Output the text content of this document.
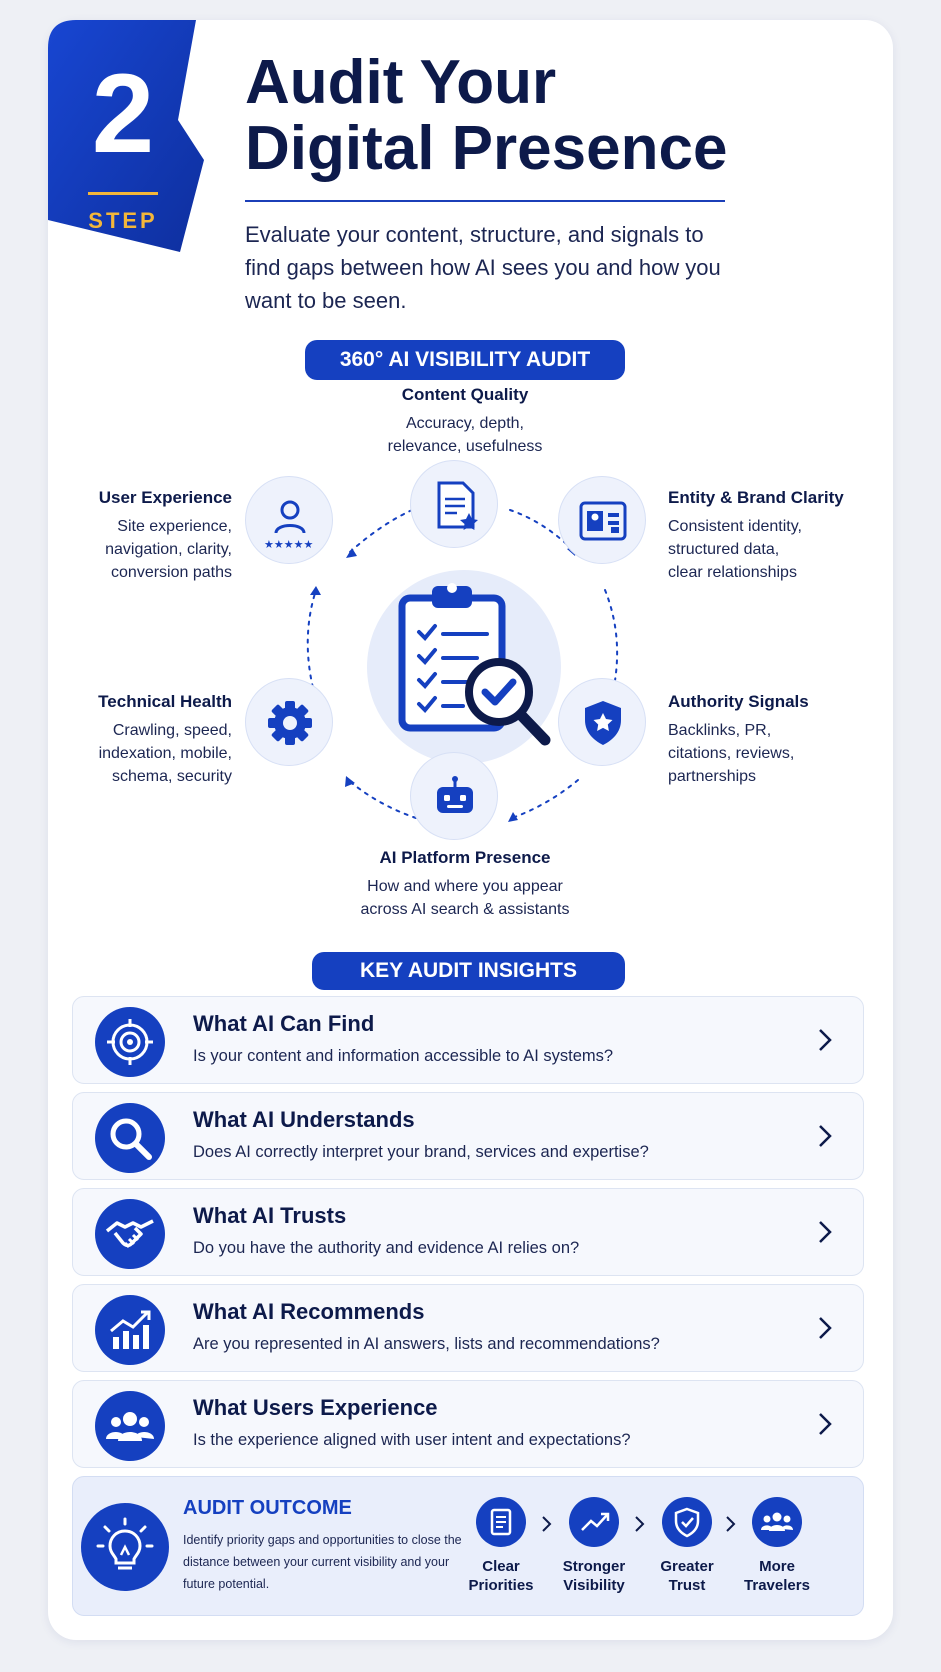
2
STEP
Audit Your
Digital Presence
Evaluate your content, structure, and signals to find gaps between how AI sees you and how you want to be seen.
360° AI VISIBILITY AUDIT
★★★★★
Content Quality
Accuracy, depth,
relevance, usefulness
Entity & Brand Clarity
Consistent identity,
structured data,
clear relationships
Authority Signals
Backlinks, PR,
citations, reviews,
partnerships
AI Platform Presence
How and where you appear
across AI search & assistants
Technical Health
Crawling, speed,
indexation, mobile,
schema, security
User Experience
Site experience,
navigation, clarity,
conversion paths
KEY AUDIT INSIGHTS
What AI Can Find
Is your content and information accessible to AI systems?
What AI Understands
Does AI correctly interpret your brand, services and expertise?
What AI Trusts
Do you have the authority and evidence AI relies on?
What AI Recommends
Are you represented in AI answers, lists and recommendations?
What Users Experience
Is the experience aligned with user intent and expectations?
AUDIT OUTCOME
Identify priority gaps and opportunities to close the distance between your current visibility and your future potential.
Clear
Priorities
Stronger
Visibility
Greater
Trust
More
Travelers
